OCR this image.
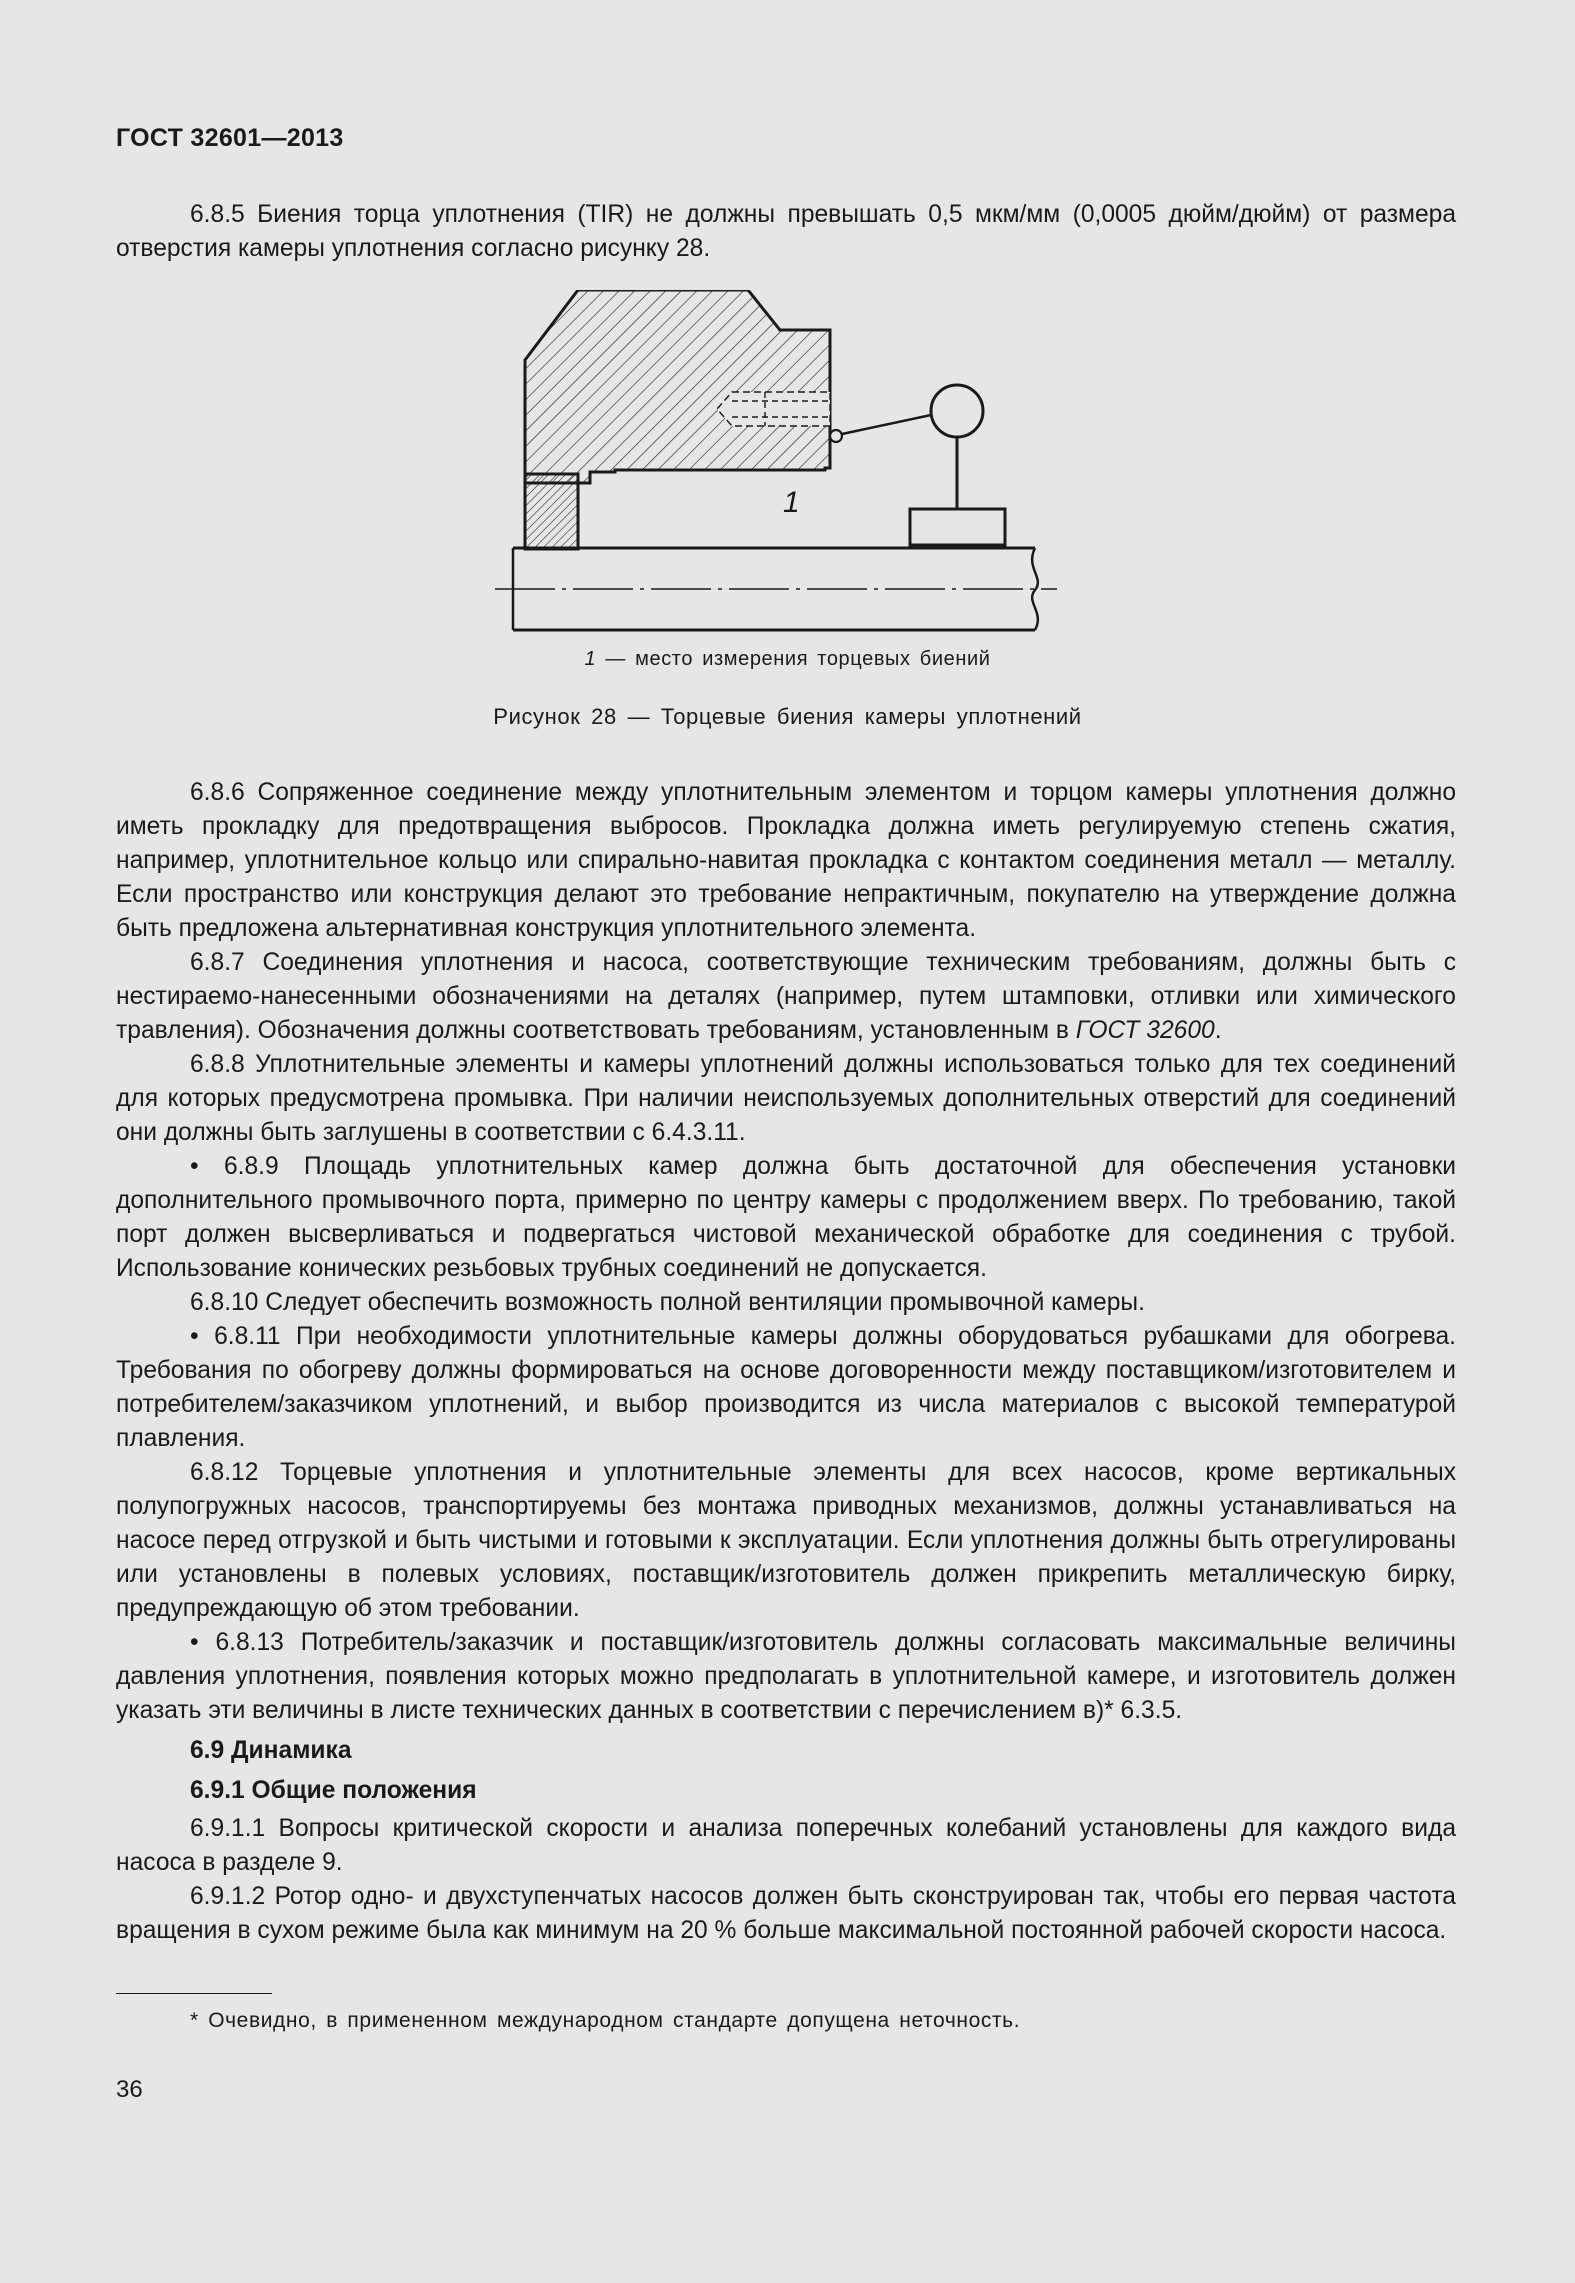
ГОСТ 32601—2013

6.8.5 Биения торца уплотнения (TIR) не должны превышать 0,5 мкм/мм (0,0005 дюйм/дюйм) от размера отверстия камеры уплотнения согласно рисунку 28.

1
1 — место измерения торцевых биений
Рисунок 28 — Торцевые биения камеры уплотнений

6.8.6 Сопряженное соединение между уплотнительным элементом и торцом камеры уплотнения должно иметь прокладку для предотвращения выбросов. Прокладка должна иметь регулируемую степень сжатия, например, уплотнительное кольцо или спирально-навитая прокладка с контактом соединения металл — металлу. Если пространство или конструкция делают это требование непрактичным, покупателю на утверждение должна быть предложена альтернативная конструкция уплотнительного элемента.

6.8.7 Соединения уплотнения и насоса, соответствующие техническим требованиям, должны быть с нестираемо-нанесенными обозначениями на деталях (например, путем штамповки, отливки или химического травления). Обозначения должны соответствовать требованиям, установленным в ГОСТ 32600.

6.8.8 Уплотнительные элементы и камеры уплотнений должны использоваться только для тех соединений для которых предусмотрена промывка. При наличии неиспользуемых дополнительных отверстий для соединений они должны быть заглушены в соответствии с 6.4.3.11.

• 6.8.9 Площадь уплотнительных камер должна быть достаточной для обеспечения установки дополнительного промывочного порта, примерно по центру камеры с продолжением вверх. По требованию, такой порт должен высверливаться и подвергаться чистовой механической обработке для соединения с трубой. Использование конических резьбовых трубных соединений не допускается.

6.8.10 Следует обеспечить возможность полной вентиляции промывочной камеры.

• 6.8.11 При необходимости уплотнительные камеры должны оборудоваться рубашками для обогрева. Требования по обогреву должны формироваться на основе договоренности между поставщиком/изготовителем и потребителем/заказчиком уплотнений, и выбор производится из числа материалов с высокой температурой плавления.

6.8.12 Торцевые уплотнения и уплотнительные элементы для всех насосов, кроме вертикальных полупогружных насосов, транспортируемы без монтажа приводных механизмов, должны устанавливаться на насосе перед отгрузкой и быть чистыми и готовыми к эксплуатации. Если уплотнения должны быть отрегулированы или установлены в полевых условиях, поставщик/изготовитель должен прикрепить металлическую бирку, предупреждающую об этом требовании.

• 6.8.13 Потребитель/заказчик и поставщик/изготовитель должны согласовать максимальные величины давления уплотнения, появления которых можно предполагать в уплотнительной камере, и изготовитель должен указать эти величины в листе технических данных в соответствии с перечислением в)* 6.3.5.

6.9 Динамика

6.9.1 Общие положения

6.9.1.1 Вопросы критической скорости и анализа поперечных колебаний установлены для каждого вида насоса в разделе 9.

6.9.1.2 Ротор одно- и двухступенчатых насосов должен быть сконструирован так, чтобы его первая частота вращения в сухом режиме была как минимум на 20 % больше максимальной постоянной рабочей скорости насоса.

* Очевидно, в примененном международном стандарте допущена неточность.
36
